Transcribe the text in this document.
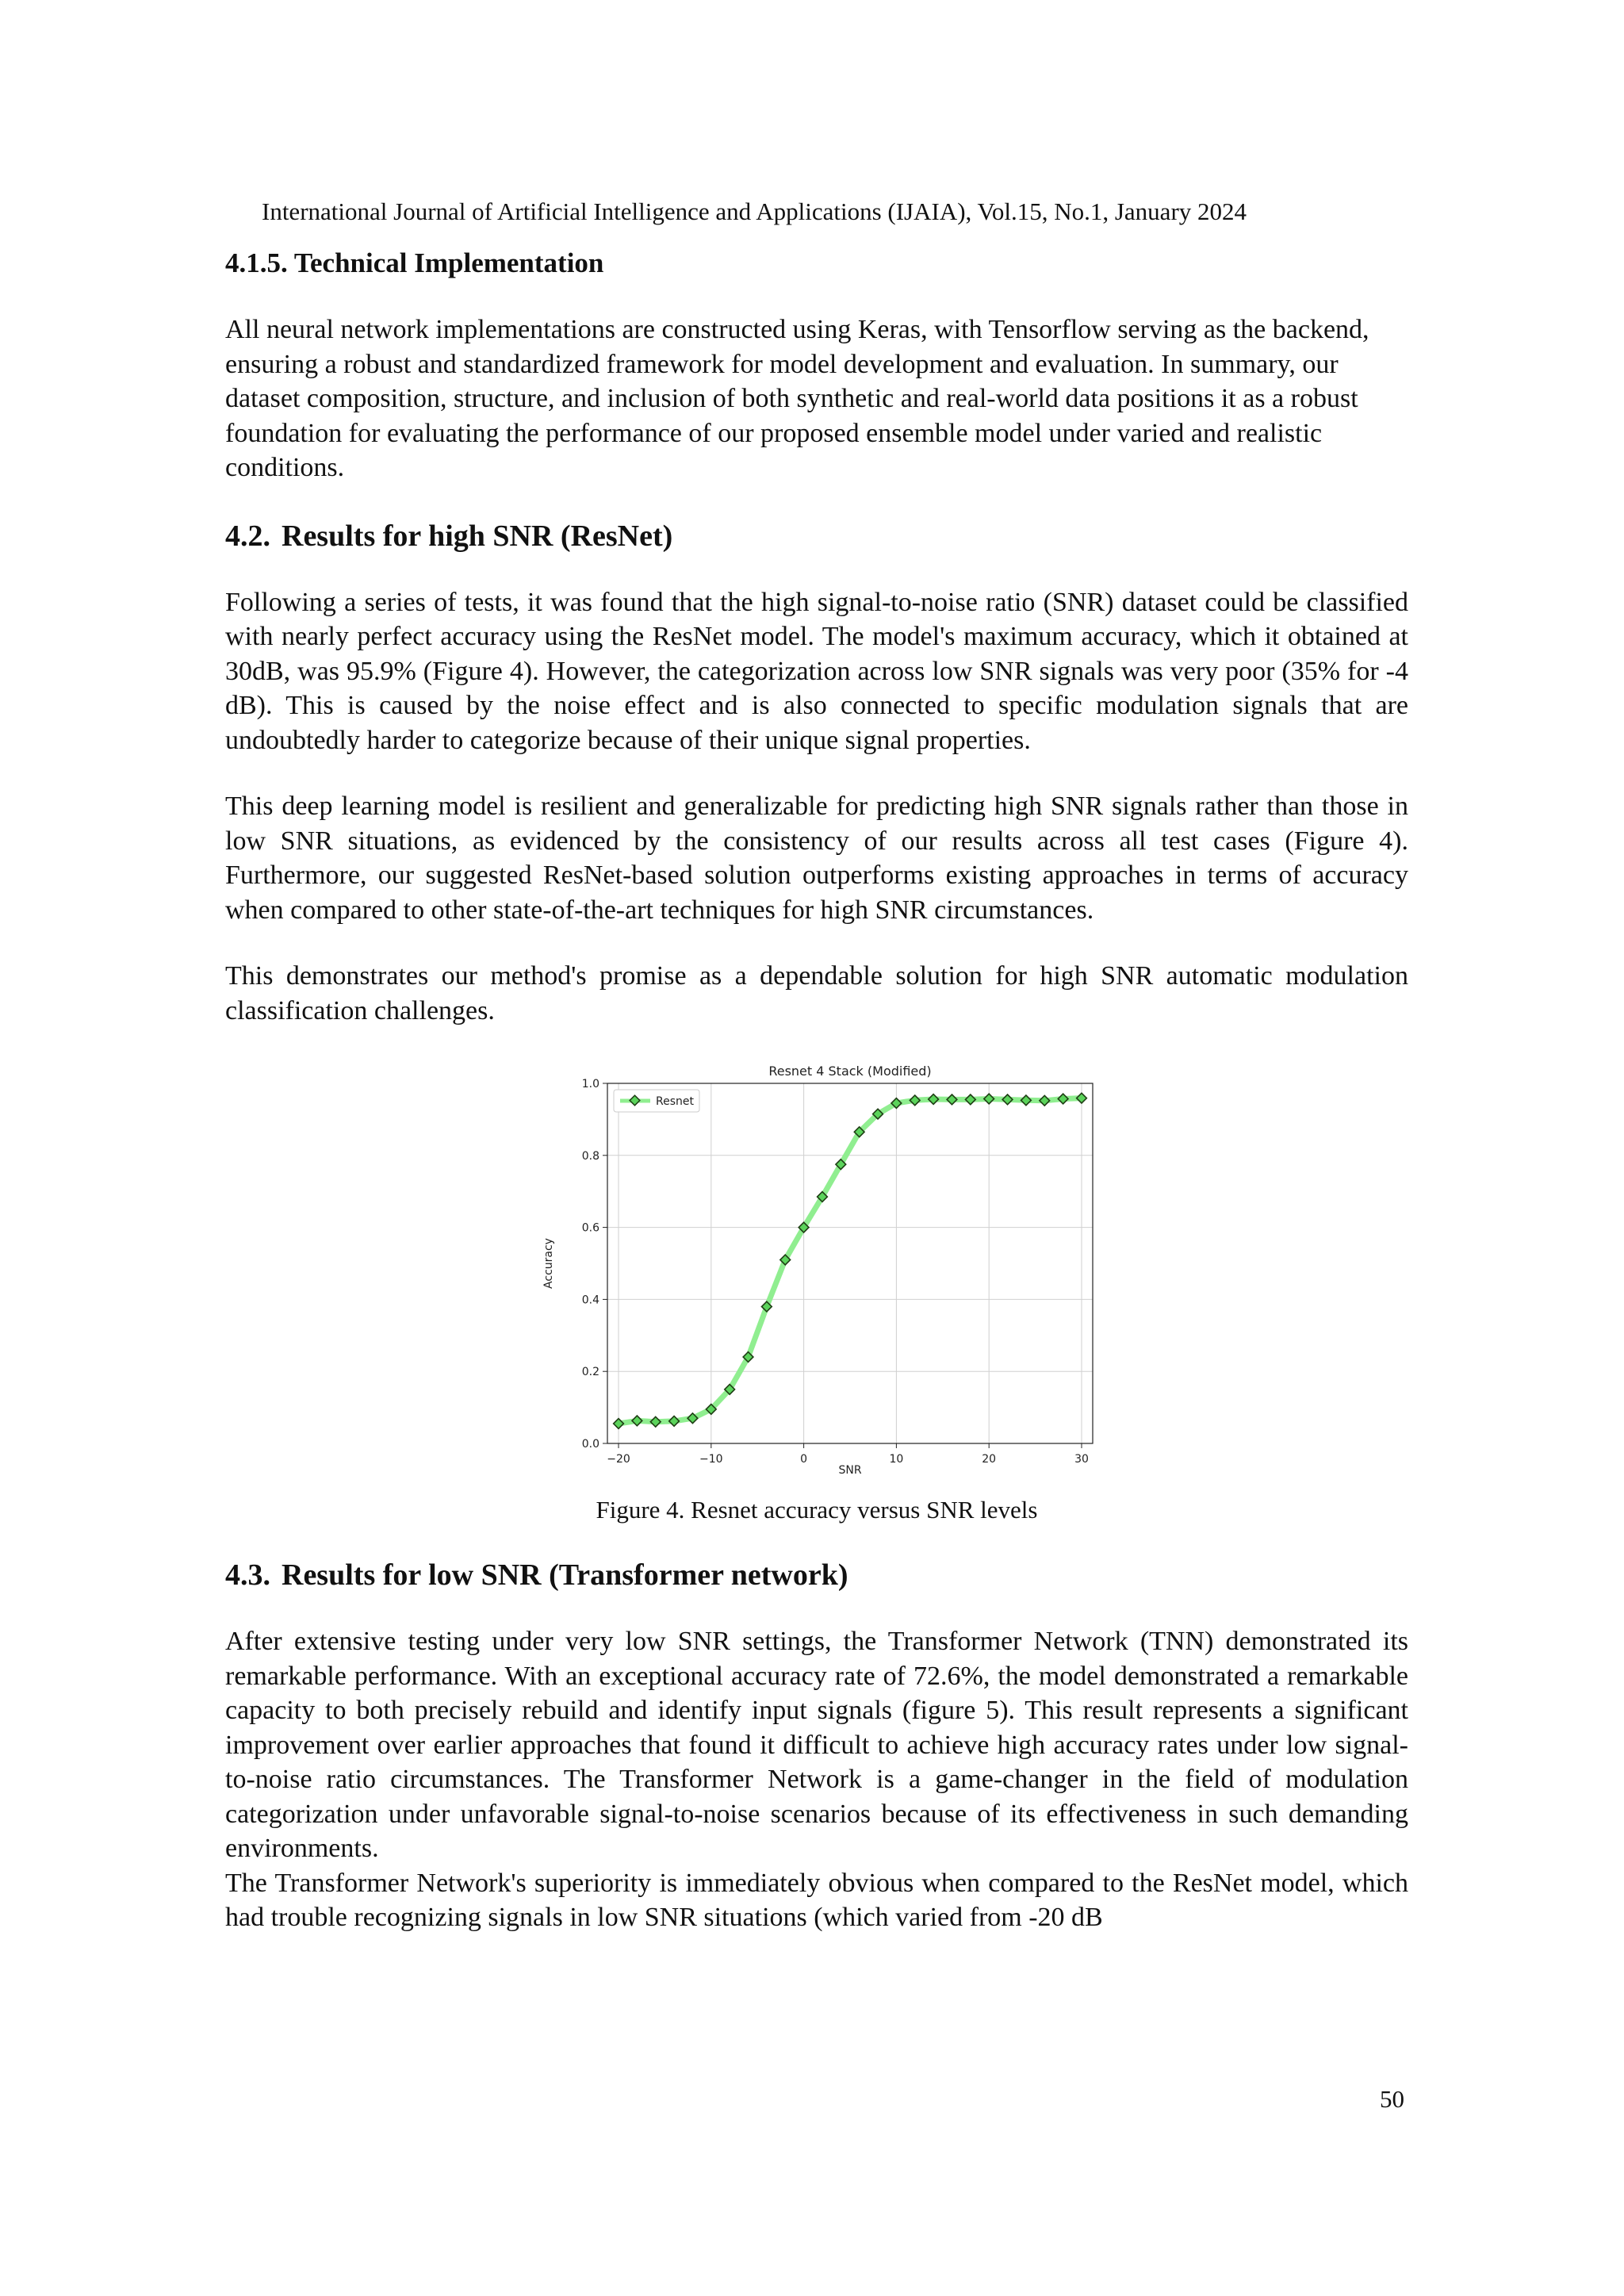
International Journal of Artificial Intelligence and Applications (IJAIA), Vol.15, No.1, January 2024
4.1.5. Technical Implementation

All neural network implementations are constructed using Keras, with Tensorflow serving as the backend, ensuring a robust and standardized framework for model development and evaluation. In summary, our dataset composition, structure, and inclusion of both synthetic and real-world data positions it as a robust foundation for evaluating the performance of our proposed ensemble model under varied and realistic conditions.

4.2. Results for high SNR (ResNet)

Following a series of tests, it was found that the high signal-to-noise ratio (SNR) dataset could be classified with nearly perfect accuracy using the ResNet model. The model's maximum accuracy, which it obtained at 30dB, was 95.9% (Figure 4). However, the categorization across low SNR signals was very poor (35% for -4 dB). This is caused by the noise effect and is also connected to specific modulation signals that are undoubtedly harder to categorize because of their unique signal properties.

This deep learning model is resilient and generalizable for predicting high SNR signals rather than those in low SNR situations, as evidenced by the consistency of our results across all test cases (Figure 4). Furthermore, our suggested ResNet-based solution outperforms existing approaches in terms of accuracy when compared to other state-of-the-art techniques for high SNR circumstances.

This demonstrates our method's promise as a dependable solution for high SNR automatic modulation classification challenges.

Resnet 4 Stack (Modified)
−20	−10	0	10	20	30
0.0
0.2
0.4
0.6
0.8
1.0
SNR
Accuracy
Resnet
Figure 4. Resnet accuracy versus SNR levels
4.3. Results for low SNR (Transformer network)

After extensive testing under very low SNR settings, the Transformer Network (TNN) demonstrated its remarkable performance. With an exceptional accuracy rate of 72.6%, the model demonstrated a remarkable capacity to both precisely rebuild and identify input signals (figure 5). This result represents a significant improvement over earlier approaches that found it difficult to achieve high accuracy rates under low signal-to-noise ratio circumstances. The Transformer Network is a game-changer in the field of modulation categorization under unfavorable signal-to-noise scenarios because of its effectiveness in such demanding environments.

The Transformer Network's superiority is immediately obvious when compared to the ResNet model, which had trouble recognizing signals in low SNR situations (which varied from -20 dB

50
